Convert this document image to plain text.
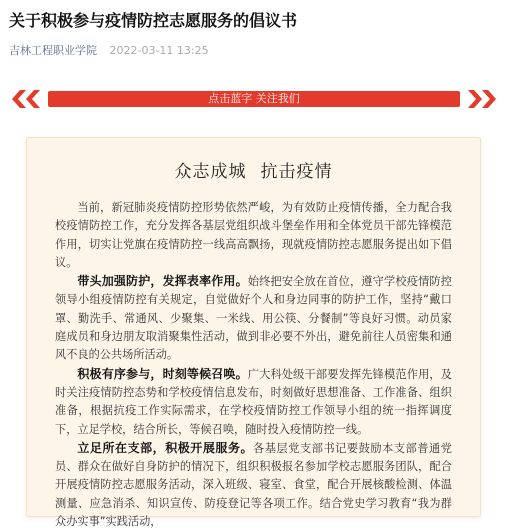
关于积极参与疫情防控志愿服务的倡议书
吉林工程职业学院 2022-03-11 13:25
点击蓝字 关注我们
众志成城 抗击疫情

当前，新冠肺炎疫情防控形势依然严峻，为有效防止疫情传播，全力配合我校疫情防控工作，充分发挥各基层党组织战斗堡垒作用和全体党员干部先锋模范作用，切实让党旗在疫情防控一线高高飘扬，现就疫情防控志愿服务提出如下倡议。

带头加强防护，发挥表率作用。始终把安全放在首位，遵守学校疫情防控领导小组疫情防控有关规定，自觉做好个人和身边同事的防护工作，坚持“戴口罩、勤洗手、常通风、少聚集、一米线、用公筷、分餐制”等良好习惯。动员家庭成员和身边朋友取消聚集性活动，做到非必要不外出，避免前往人员密集和通风不良的公共场所活动。

积极有序参与，时刻等候召唤。广大科处级干部要发挥先锋模范作用，及时关注疫情防控态势和学校疫情信息发布，时刻做好思想准备、工作准备、组织准备，根据抗疫工作实际需求，在学校疫情防控工作领导小组的统一指挥调度下，立足学校，结合所长，等候召唤，随时投入疫情防控一线。

立足所在支部，积极开展服务。各基层党支部书记要鼓励本支部普通党员、群众在做好自身防护的情况下，组织积极报名参加学校志愿服务团队，配合开展疫情防控志愿服务活动，深入班级、寝室、食堂，配合开展核酸检测、体温测量、应急消杀、知识宣传、防疫登记等各项工作。结合党史学习教育“我为群众办实事”实践活动，
